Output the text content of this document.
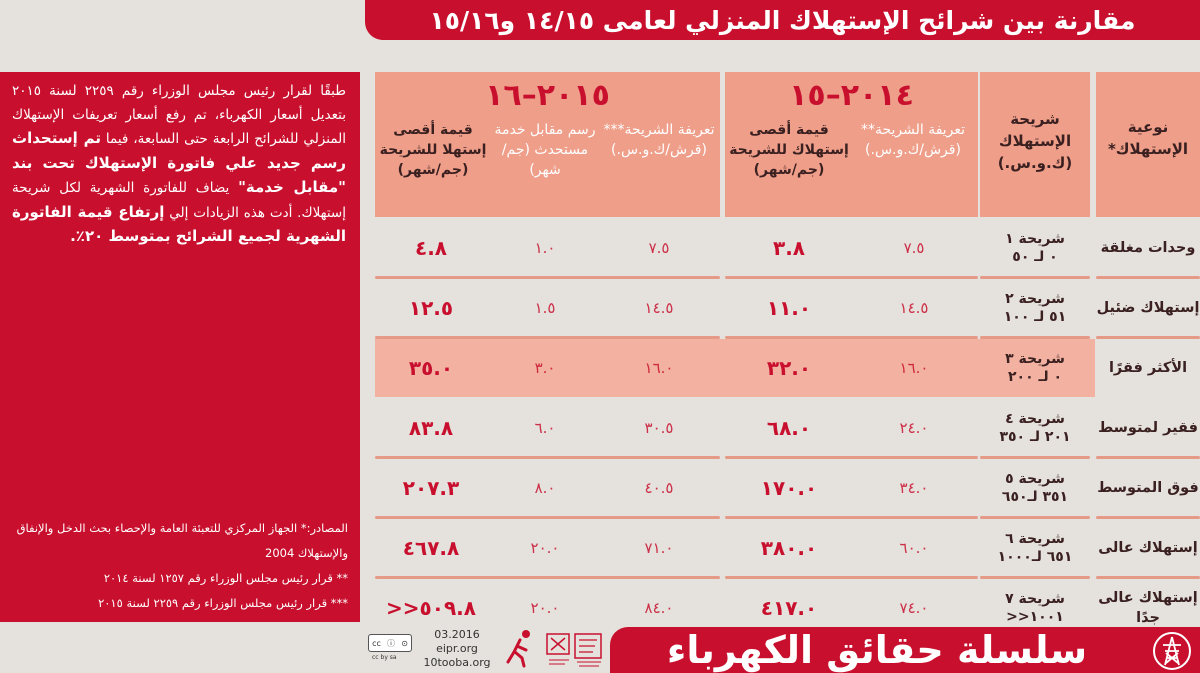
مقارنة بين شرائح الإستهلاك المنزلي لعامى ١٤/١٥ و١٥/١٦

طبقًا لقرار رئيس مجلس الوزراء رقم ٢٢٥٩ لسنة ٢٠١٥ بتعديل أسعار الكهرباء، تم رفع أسعار تعريفات الإستهلاك المنزلي للشرائح الرابعة حتى السابعة، فيما تم إستحداث رسم جديد علي فاتورة الإستهلاك تحت بند "مقابل خدمة" يضاف للفاتورة الشهرية لكل شريحة إستهلاك. أدت هذه الزيادات إلي إرتفاع قيمة الفاتورة الشهرية لجميع الشرائح بمتوسط ٢٠٪.

المصادر:* الجهاز المركزي للتعبئة العامة والإحصاء بحث الدخل والإنفاق والإستهلاك 2004
** قرار رئيس مجلس الوزراء رقم ١٢٥٧ لسنة ٢٠١٤
*** قرار رئيس مجلس الوزراء رقم ٢٢٥٩ لسنة ٢٠١٥
نوعية الإستهلاك*
شريحة الإستهلاك (ك.و.س.)
٢٠١٤–١٥
تعريفة الشريحة** (قرش/ك.و.س.)
قيمة أقصى إستهلاك للشريحة (جم/شهر)
٢٠١٥–١٦
تعريفة الشريحة*** (قرش/ك.و.س.)
رسم مقابل خدمة مستحدث (جم/شهر)
قيمة أقصى إستهلا للشريحة (جم/شهر)
وحدات مغلقة
شريحة ١
٠ لـ ٥٠
٧.٥
٣.٨
٧.٥
١.٠
٤.٨
إستهلاك ضئيل
شريحة ٢
٥١ لـ ١٠٠
١٤.٥
١١.٠
١٤.٥
١.٥
١٢.٥
الأكثر فقرًا
شريحة ٣
٠ لـ ٢٠٠
١٦.٠
٣٢.٠
١٦.٠
٣.٠
٣٥.٠
فقير لمتوسط
شريحة ٤
٢٠١ لـ ٣٥٠
٢٤.٠
٦٨.٠
٣٠.٥
٦.٠
٨٣.٨
فوق المتوسط
شريحة ٥
٣٥١ لـ٦٥٠
٣٤.٠
١٧٠.٠
٤٠.٥
٨.٠
٢٠٧.٣
إستهلاك عالى
شريحة ٦
٦٥١ لـ١٠٠٠
٦٠.٠
٣٨٠.٠
٧١.٠
٢٠.٠
٤٦٧.٨
إستهلاك عالى جدًا
شريحة ٧
١٠٠١<<
٧٤.٠
٤١٧.٠
٨٤.٠
٢٠.٠
٥٠٩.٨<<
cc ⓘ ⊙
cc by sa
03.2016
eipr.org
10tooba.org	سلسلة حقائق الكهرباء
